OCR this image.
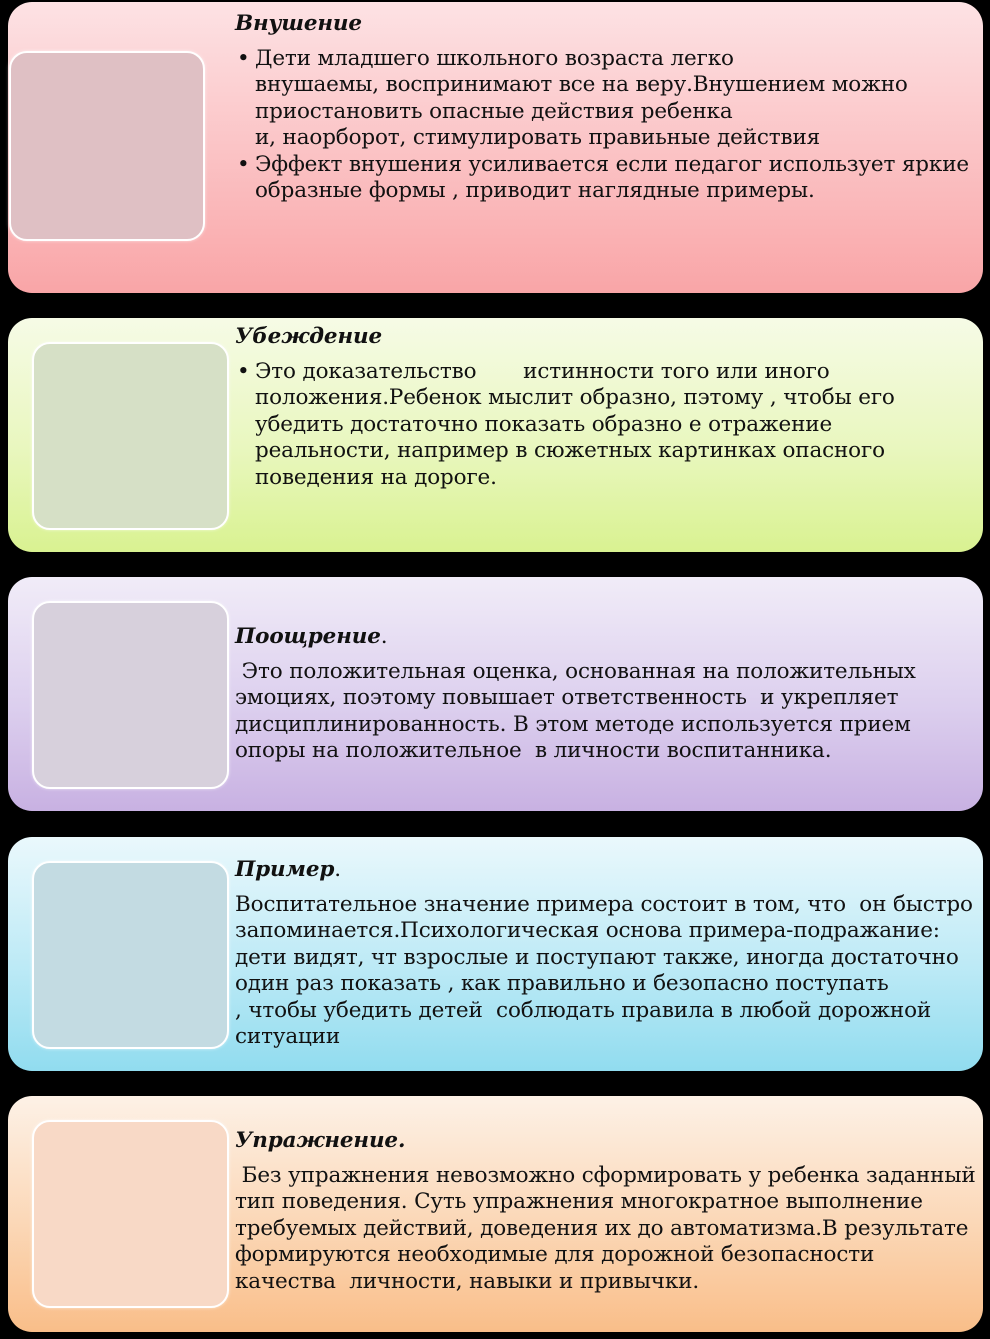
Внушение

• Дети младшего школьного возраста легко
внушаемы, воспринимают все на веру.Внушением можно
приостановить опасные действия ребенка
и, наорборот, стимулировать правиьные действия
• Эффект внушения усиливается если педагог использует яркие
образные формы , приводит наглядные примеры.

Убеждение

• Это доказательство       истинности того или иного
положения.Ребенок мыслит образно, пэтому , чтобы его
убедить достаточно показать образно е отражение
реальности, например в сюжетных картинках опасного
поведения на дороге.

Поощрение.

Это положительная оценка, основанная на положительных
эмоциях, поэтому повышает ответственность  и укрепляет
дисциплинированность. В этом методе используется прием
опоры на положительное  в личности воспитанника.

Пример.

Воспитательное значение примера состоит в том, что  он быстро
запоминается.Психологическая основа примера-подражание:
дети видят, чт взрослые и поступают также, иногда достаточно
один раз показать , как правильно и безопасно поступать
, чтобы убедить детей  соблюдать правила в любой дорожной
ситуации

Упражнение.

Без упражнения невозможно сформировать у ребенка заданный
тип поведения. Суть упражнения многократное выполнение
требуемых действий, доведения их до автоматизма.В результате
формируются необходимые для дорожной безопасности
качества  личности, навыки и привычки.
